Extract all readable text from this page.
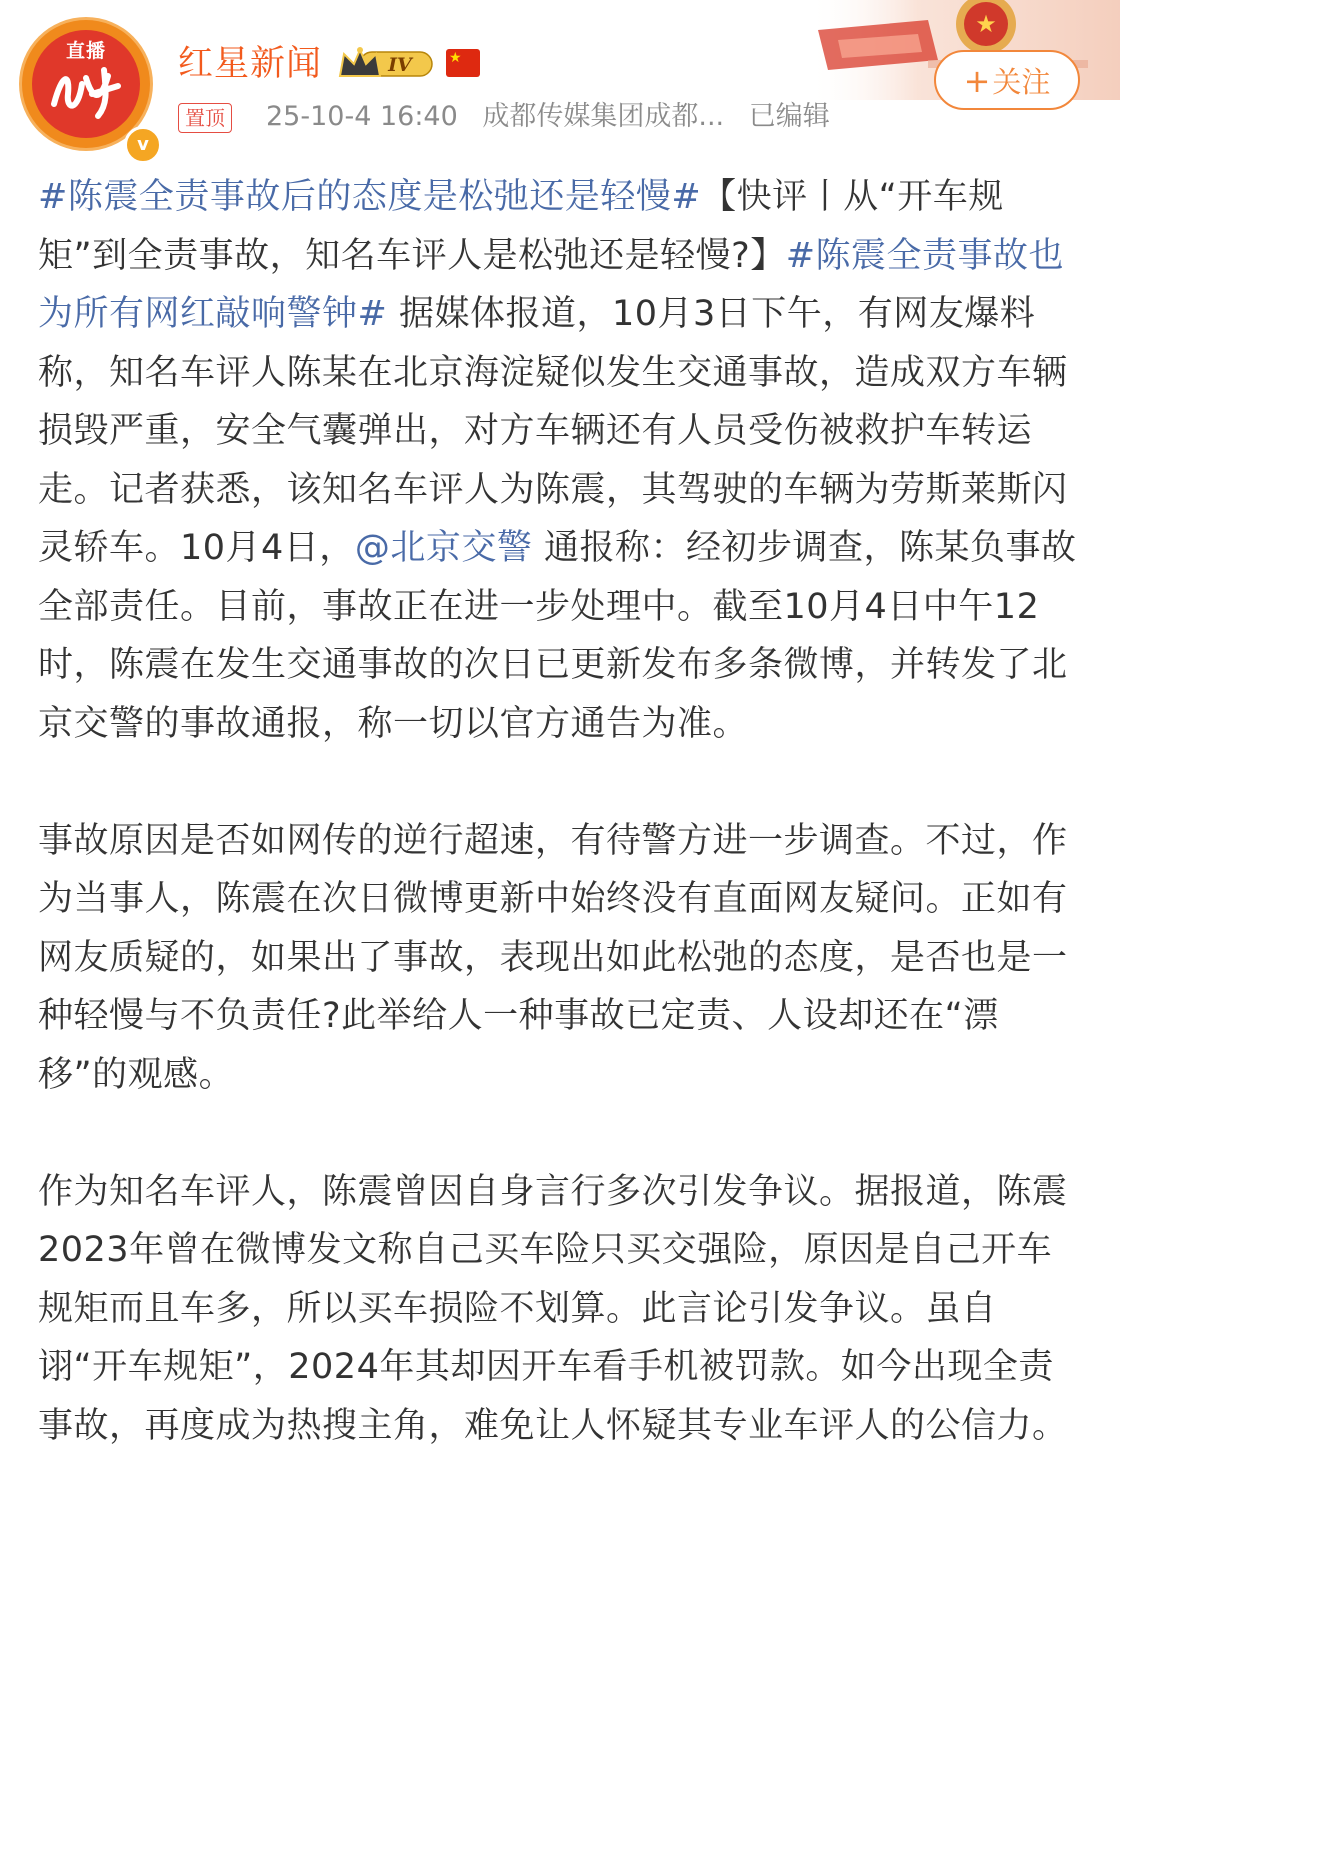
直播
v
红星新闻	IV	★
置顶 25-10-4 16:40 成都传媒集团成都... 已编辑
★
+关注

#陈震全责事故后的态度是松弛还是轻慢#【快评丨从“开车规矩”到全责事故，知名车评人是松弛还是轻慢?】#陈震全责事故也为所有网红敲响警钟# 据媒体报道，10月3日下午，有网友爆料称，知名车评人陈某在北京海淀疑似发生交通事故，造成双方车辆损毁严重，安全气囊弹出，对方车辆还有人员受伤被救护车转运走。记者获悉，该知名车评人为陈震，其驾驶的车辆为劳斯莱斯闪灵轿车。10月4日，@北京交警 通报称：经初步调查，陈某负事故全部责任。目前，事故正在进一步处理中。截至10月4日中午12时，陈震在发生交通事故的次日已更新发布多条微博，并转发了北京交警的事故通报，称一切以官方通告为准。

事故原因是否如网传的逆行超速，有待警方进一步调查。不过，作为当事人，陈震在次日微博更新中始终没有直面网友疑问。正如有网友质疑的，如果出了事故，表现出如此松弛的态度，是否也是一种轻慢与不负责任?此举给人一种事故已定责、人设却还在“漂移”的观感。

作为知名车评人，陈震曾因自身言行多次引发争议。据报道，陈震2023年曾在微博发文称自己买车险只买交强险，原因是自己开车规矩而且车多，所以买车损险不划算。此言论引发争议。虽自诩“开车规矩”，2024年其却因开车看手机被罚款。如今出现全责事故，再度成为热搜主角，难免让人怀疑其专业车评人的公信力。
